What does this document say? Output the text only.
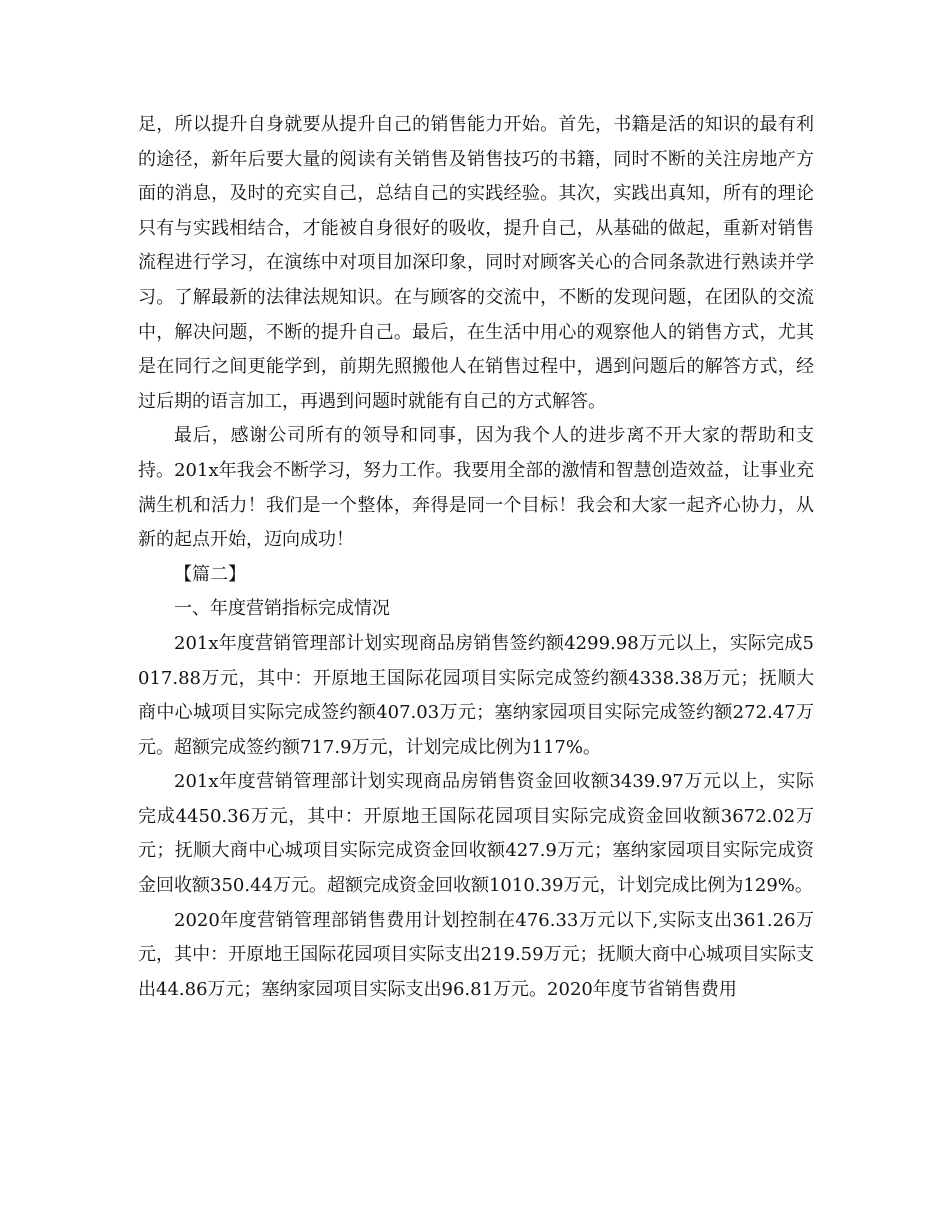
足，所以提升自身就要从提升自己的销售能力开始。首先，书籍是活的知识的最有利的途径，新年后要大量的阅读有关销售及销售技巧的书籍，同时不断的关注房地产方面的消息，及时的充实自己，总结自己的实践经验。其次，实践出真知，所有的理论只有与实践相结合，才能被自身很好的吸收，提升自己，从基础的做起，重新对销售流程进行学习，在演练中对项目加深印象，同时对顾客关心的合同条款进行熟读并学习。了解最新的法律法规知识。在与顾客的交流中，不断的发现问题，在团队的交流中，解决问题，不断的提升自己。最后，在生活中用心的观察他人的销售方式，尤其是在同行之间更能学到，前期先照搬他人在销售过程中，遇到问题后的解答方式，经过后期的语言加工，再遇到问题时就能有自己的方式解答。

最后，感谢公司所有的领导和同事，因为我个人的进步离不开大家的帮助和支持。201x年我会不断学习，努力工作。我要用全部的激情和智慧创造效益，让事业充满生机和活力！我们是一个整体，奔得是同一个目标！我会和大家一起齐心协力，从新的起点开始，迈向成功！

【篇二】

一、年度营销指标完成情况

201x年度营销管理部计划实现商品房销售签约额4299.98万元以上，实际完成5017.88万元，其中：开原地王国际花园项目实际完成签约额4338.38万元；抚顺大商中心城项目实际完成签约额407.03万元；塞纳家园项目实际完成签约额272.47万元。超额完成签约额717.9万元，计划完成比例为117%。

201x年度营销管理部计划实现商品房销售资金回收额3439.97万元以上，实际完成4450.36万元，其中：开原地王国际花园项目实际完成资金回收额3672.02万元；抚顺大商中心城项目实际完成资金回收额427.9万元；塞纳家园项目实际完成资金回收额350.44万元。超额完成资金回收额1010.39万元，计划完成比例为129%。

2020年度营销管理部销售费用计划控制在476.33万元以下,实际支出361.26万元，其中：开原地王国际花园项目实际支出219.59万元；抚顺大商中心城项目实际支出44.86万元；塞纳家园项目实际支出96.81万元。2020年度节省销售费用
